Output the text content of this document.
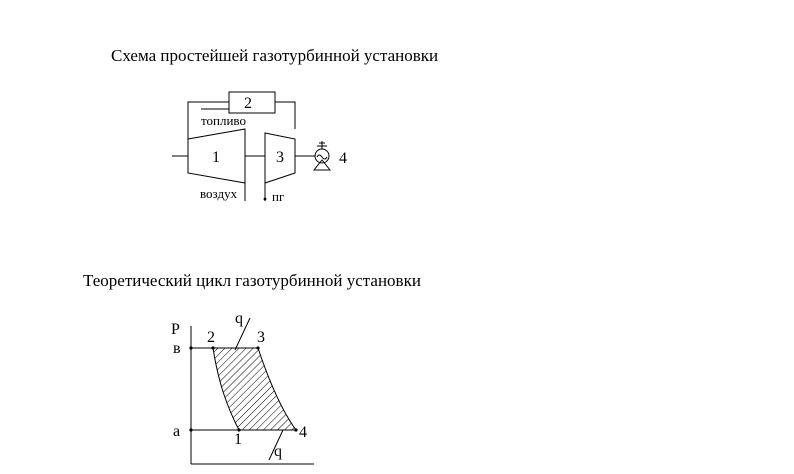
Схема простейшей газотурбинной установки
Теоретический цикл газотурбинной установки
2
топливо
1	3	4
воздух	пг
P
в
а
2	3
1	4
q
q
